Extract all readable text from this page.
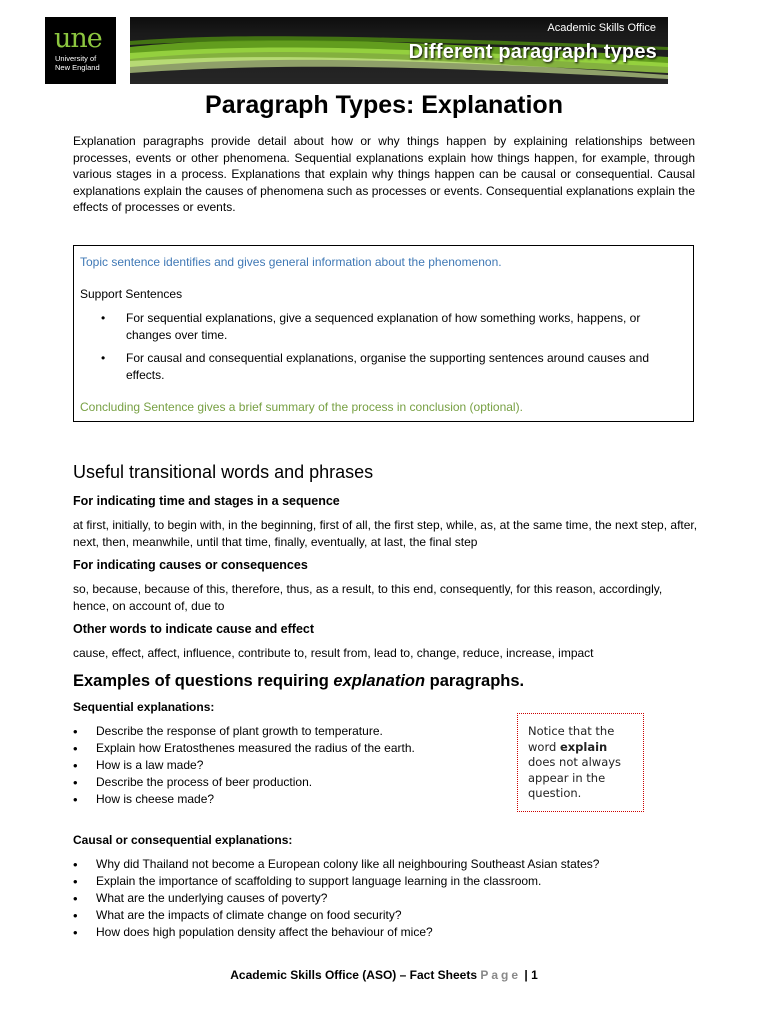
une
University of
New England
Academic Skills Office
Different paragraph types
Paragraph Types: Explanation
Explanation paragraphs provide detail about how or why things happen by explaining relationships between processes, events or other phenomena. Sequential explanations explain how things happen, for example, through various stages in a process. Explanations that explain why things happen can be causal or consequential. Causal explanations explain the causes of phenomena such as processes or events. Consequential explanations explain the effects of processes or events.
Topic sentence identifies and gives general information about the phenomenon.
Support Sentences
• For sequential explanations, give a sequenced explanation of how something works, happens, or changes over time.
• For causal and consequential explanations, organise the supporting sentences around causes and effects.
Concluding Sentence gives a brief summary of the process in conclusion (optional).
Useful transitional words and phrases
For indicating time and stages in a sequence
at first, initially, to begin with, in the beginning, first of all, the first step, while, as, at the same time, the next step, after, next, then, meanwhile, until that time, finally, eventually, at last, the final step
For indicating causes or consequences
so, because, because of this, therefore, thus, as a result, to this end, consequently, for this reason, accordingly, hence, on account of, due to
Other words to indicate cause and effect
cause, effect, affect, influence, contribute to, result from, lead to, change, reduce, increase, impact
Examples of questions requiring explanation paragraphs.
Sequential explanations:
• Describe the response of plant growth to temperature.
• Explain how Eratosthenes measured the radius of the earth.
• How is a law made?
• Describe the process of beer production.
• How is cheese made?
Notice that the word explain does not always appear in the question.
Causal or consequential explanations:
• Why did Thailand not become a European colony like all neighbouring Southeast Asian states?
• Explain the importance of scaffolding to support language learning in the classroom.
• What are the underlying causes of poverty?
• What are the impacts of climate change on food security?
• How does high population density affect the behaviour of mice?
Academic Skills Office (ASO) – Fact Sheets Page | 1
